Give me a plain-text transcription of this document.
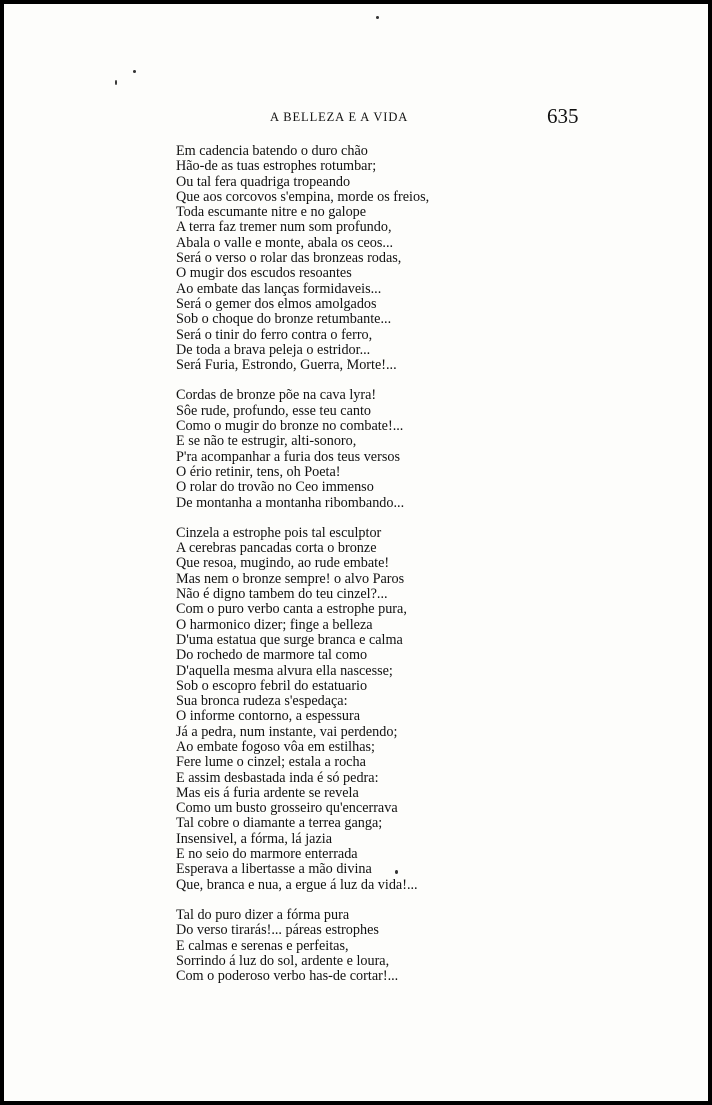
A BELLEZA E A VIDA	635
Em cadencia batendo o duro chão
Hão-de as tuas estrophes rotumbar;
Ou tal fera quadriga tropeando
Que aos corcovos s'empina, morde os freios,
Toda escumante nitre e no galope
A terra faz tremer num som profundo,
Abala o valle e monte, abala os ceos...
Será o verso o rolar das bronzeas rodas,
O mugir dos escudos resoantes
Ao embate das lanças formidaveis...
Será o gemer dos elmos amolgados
Sob o choque do bronze retumbante...
Será o tinir do ferro contra o ferro,
De toda a brava peleja o estridor...
Será Furia, Estrondo, Guerra, Morte!...
Cordas de bronze põe na cava lyra!
Sôe rude, profundo, esse teu canto
Como o mugir do bronze no combate!...
E se não te estrugir, alti-sonoro,
P'ra acompanhar a furia dos teus versos
O ério retinir, tens, oh Poeta!
O rolar do trovão no Ceo immenso
De montanha a montanha ribombando...
Cinzela a estrophe pois tal esculptor
A cerebras pancadas corta o bronze
Que resoa, mugindo, ao rude embate!
Mas nem o bronze sempre! o alvo Paros
Não é digno tambem do teu cinzel?...
Com o puro verbo canta a estrophe pura,
O harmonico dizer; finge a belleza
D'uma estatua que surge branca e calma
Do rochedo de marmore tal como
D'aquella mesma alvura ella nascesse;
Sob o escopro febril do estatuario
Sua bronca rudeza s'espedaça:
O informe contorno, a espessura
Já a pedra, num instante, vai perdendo;
Ao embate fogoso vôa em estilhas;
Fere lume o cinzel; estala a rocha
E assim desbastada inda é só pedra:
Mas eis á furia ardente se revela
Como um busto grosseiro qu'encerrava
Tal cobre o diamante a terrea ganga;
Insensivel, a fórma, lá jazia
E no seio do marmore enterrada
Esperava a libertasse a mão divina
Que, branca e nua, a ergue á luz da vida!...
Tal do puro dizer a fórma pura
Do verso tirarás!... páreas estrophes
E calmas e serenas e perfeitas,
Sorrindo á luz do sol, ardente e loura,
Com o poderoso verbo has-de cortar!...
